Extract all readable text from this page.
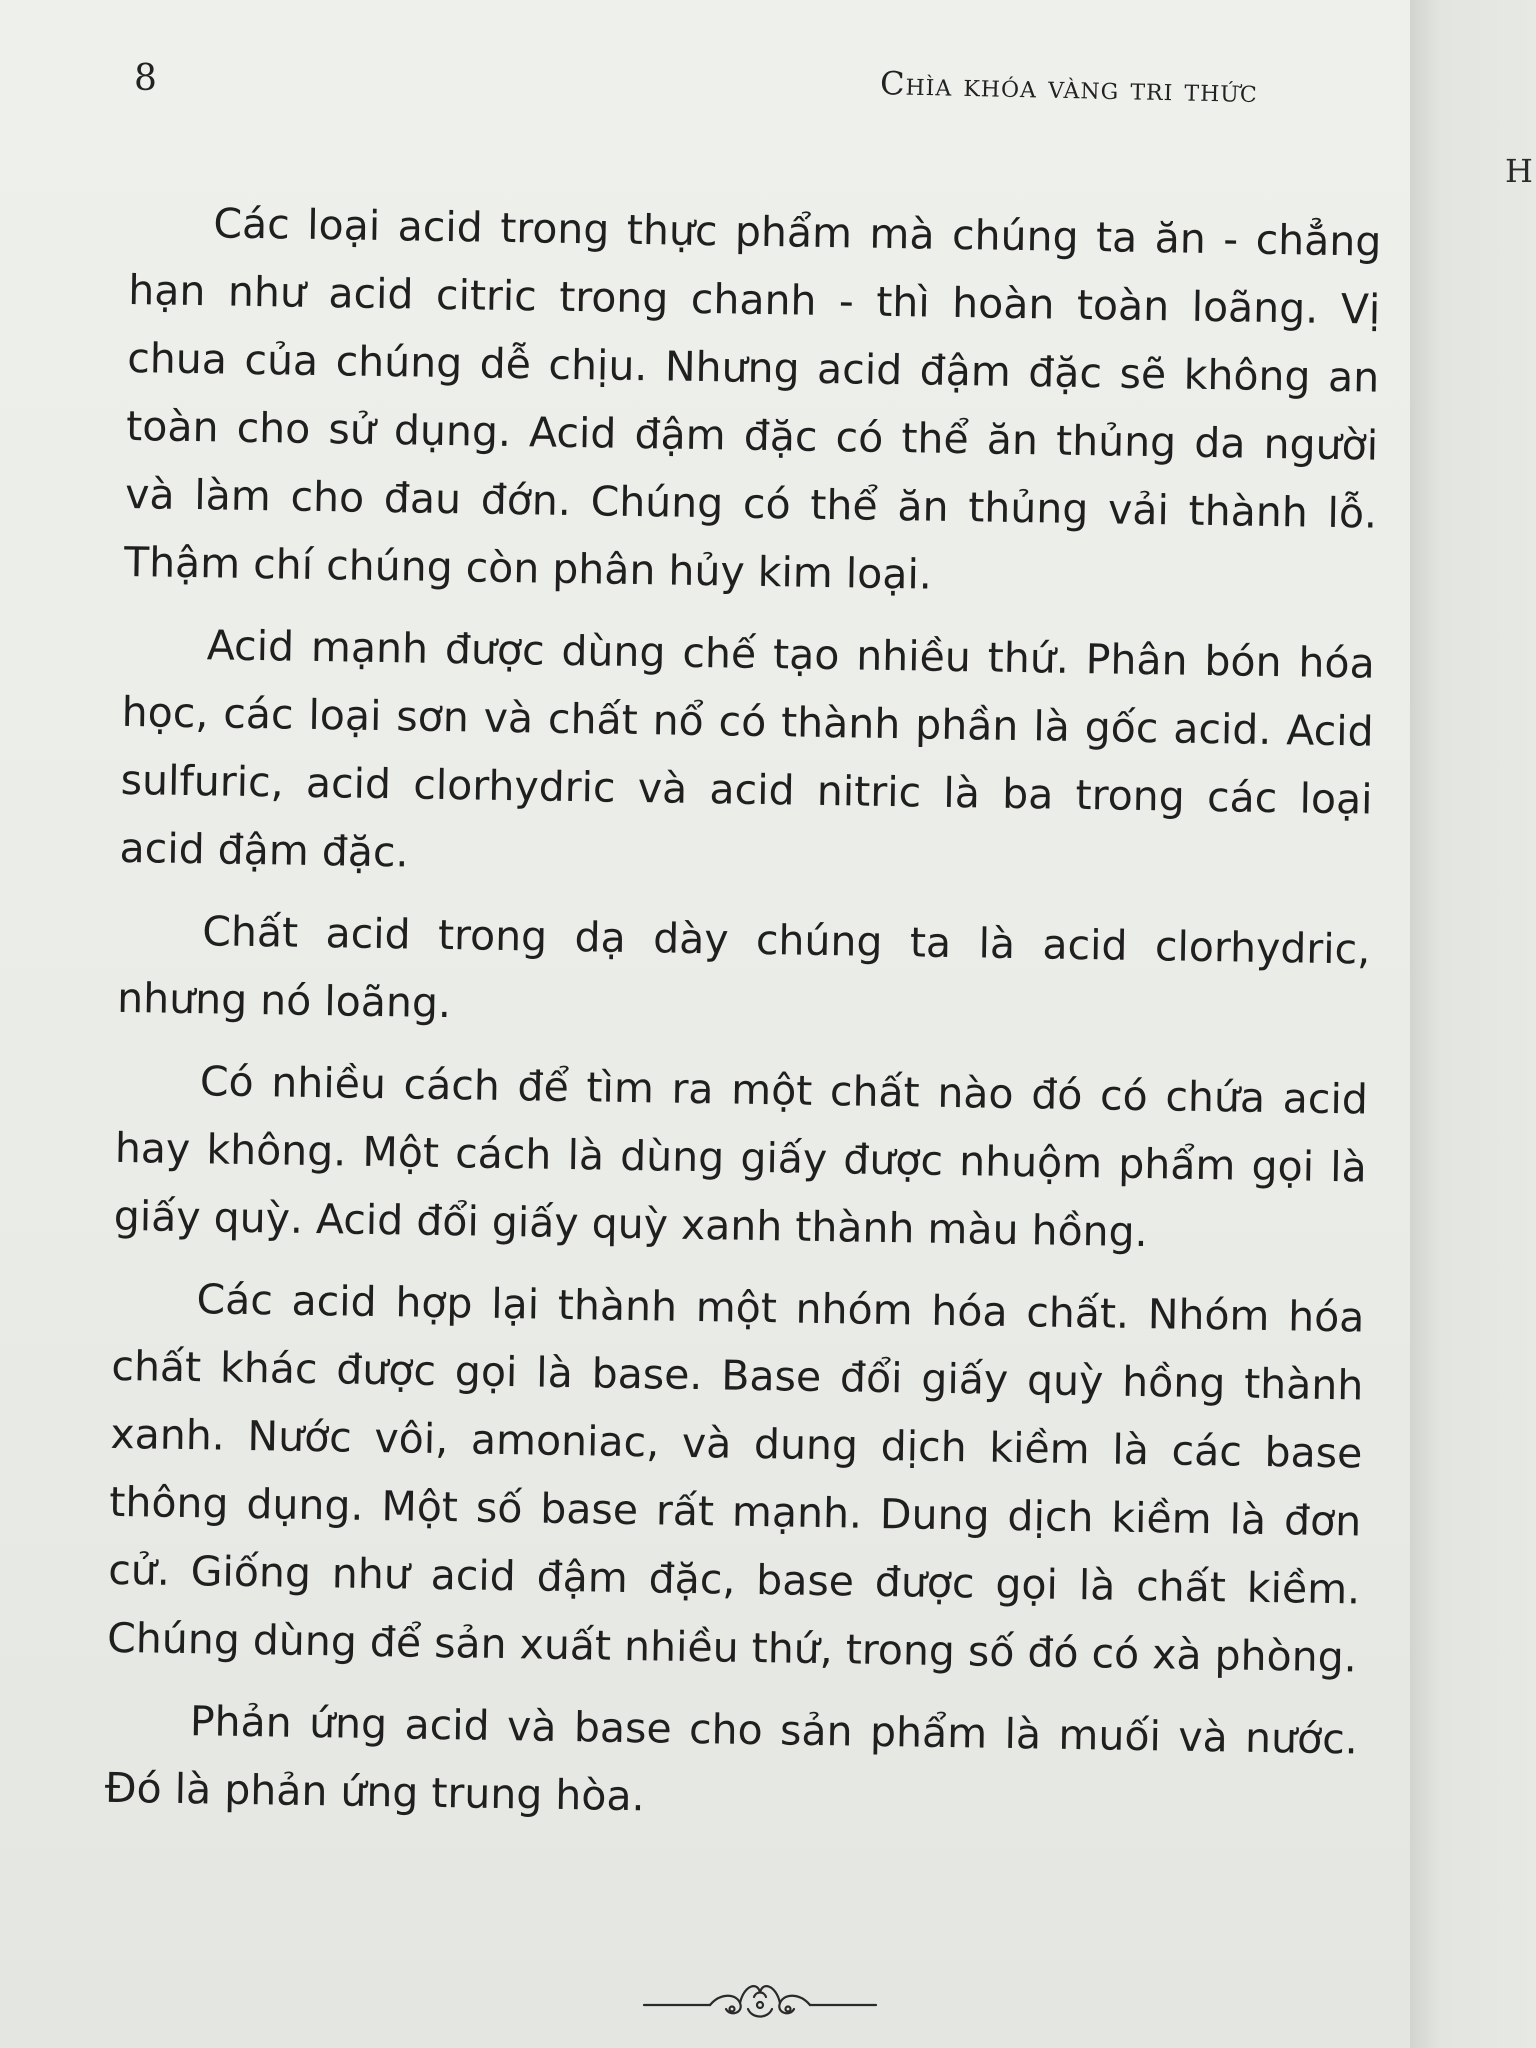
8	Chìa khóa vàng tri thức

Các loại acid trong thực phẩm mà chúng ta ăn - chẳng hạn như acid citric trong chanh - thì hoàn toàn loãng. Vị chua của chúng dễ chịu. Nhưng acid đậm đặc sẽ không an toàn cho sử dụng. Acid đậm đặc có thể ăn thủng da người và làm cho đau đớn. Chúng có thể ăn thủng vải thành lỗ. Thậm chí chúng còn phân hủy kim loại.

Acid mạnh được dùng chế tạo nhiều thứ. Phân bón hóa học, các loại sơn và chất nổ có thành phần là gốc acid. Acid sulfuric, acid clorhydric và acid nitric là ba trong các loại acid đậm đặc.

Chất acid trong dạ dày chúng ta là acid clorhydric, nhưng nó loãng.

Có nhiều cách để tìm ra một chất nào đó có chứa acid hay không. Một cách là dùng giấy được nhuộm phẩm gọi là giấy quỳ. Acid đổi giấy quỳ xanh thành màu hồng.

Các acid hợp lại thành một nhóm hóa chất. Nhóm hóa chất khác được gọi là base. Base đổi giấy quỳ hồng thành xanh. Nước vôi, amoniac, và dung dịch kiềm là các base thông dụng. Một số base rất mạnh. Dung dịch kiềm là đơn cử. Giống như acid đậm đặc, base được gọi là chất kiềm. Chúng dùng để sản xuất nhiều thứ, trong số đó có xà phòng.

Phản ứng acid và base cho sản phẩm là muối và nước. Đó là phản ứng trung hòa.

H
